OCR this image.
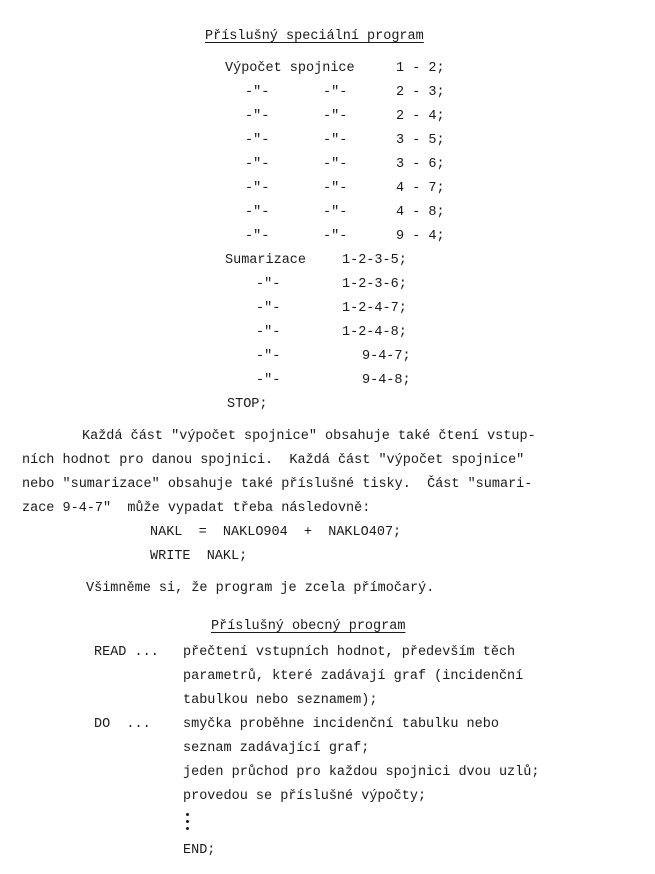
Příslušný speciální program
Výpočet spojnice	1 - 2;
-"-	-"-	2 - 3;
-"-	-"-	2 - 4;
-"-	-"-	3 - 5;
-"-	-"-	3 - 6;
-"-	-"-	4 - 7;
-"-	-"-	4 - 8;
-"-	-"-	9 - 4;
Sumarizace	1-2-3-5;
-"-	1-2-3-6;
-"-	1-2-4-7;
-"-	1-2-4-8;
-"-	9-4-7;
-"-	9-4-8;
STOP;
Každá část "výpočet spojnice" obsahuje také čtení vstup-
ních hodnot pro danou spojnici.  Každá část "výpočet spojnice"
nebo "sumarizace" obsahuje také příslušné tisky.  Část "sumari-
zace 9-4-7"  může vypadat třeba následovně:
NAKL  =  NAKLO904  +  NAKLO407;
WRITE  NAKL;
Všimněme si, že program je zcela přímočarý.
Příslušný obecný program
READ ... přečtení vstupních hodnot, především těch
parametrů, které zadávají graf (incidenční
tabulkou nebo seznamem);
DO  ... smyčka proběhne incidenční tabulku nebo
seznam zadávající graf;
jeden průchod pro každou spojnici dvou uzlů;
provedou se příslušné výpočty;
END;
